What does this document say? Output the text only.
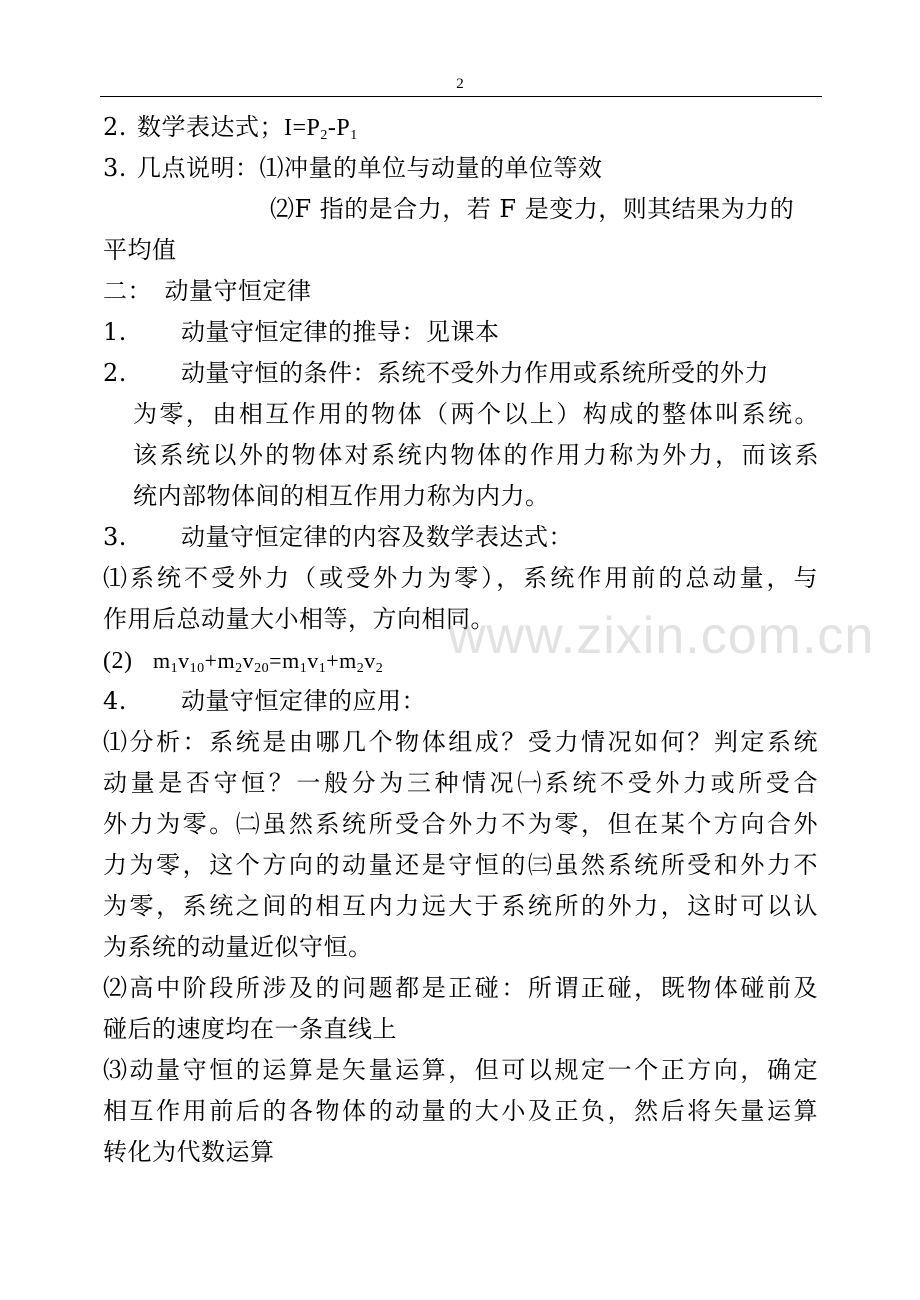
2
2. 数学表达式；$I=P_2-P_1$
3. 几点说明：⑴冲量的单位与动量的单位等效
⑵F 指的是合力，若 F 是变力，则其结果为力的
平均值
二：　动量守恒定律
1. 动量守恒定律的推导：见课本
2. 动量守恒的条件：系统不受外力作用或系统所受的外力
为零，由相互作用的物体（两个以上）构成的整体叫系统。
该系统以外的物体对系统内物体的作用力称为外力，而该系
统内部物体间的相互作用力称为内力。
3. 动量守恒定律的内容及数学表达式：
⑴系统不受外力（或受外力为零），系统作用前的总动量，与
作用后总动量大小相等，方向相同。
(2) $m_1v_{10}+m_2v_{20}=m_1v_1+m_2v_2$
4. 动量守恒定律的应用：
⑴分析：系统是由哪几个物体组成？受力情况如何？判定系统
动量是否守恒？一般分为三种情况㈠系统不受外力或所受合
外力为零。㈡虽然系统所受合外力不为零，但在某个方向合外
力为零，这个方向的动量还是守恒的㈢虽然系统所受和外力不
为零，系统之间的相互内力远大于系统所的外力，这时可以认
为系统的动量近似守恒。
⑵高中阶段所涉及的问题都是正碰：所谓正碰，既物体碰前及
碰后的速度均在一条直线上
⑶动量守恒的运算是矢量运算，但可以规定一个正方向，确定
相互作用前后的各物体的动量的大小及正负，然后将矢量运算
转化为代数运算
www.zixin.com.cn
